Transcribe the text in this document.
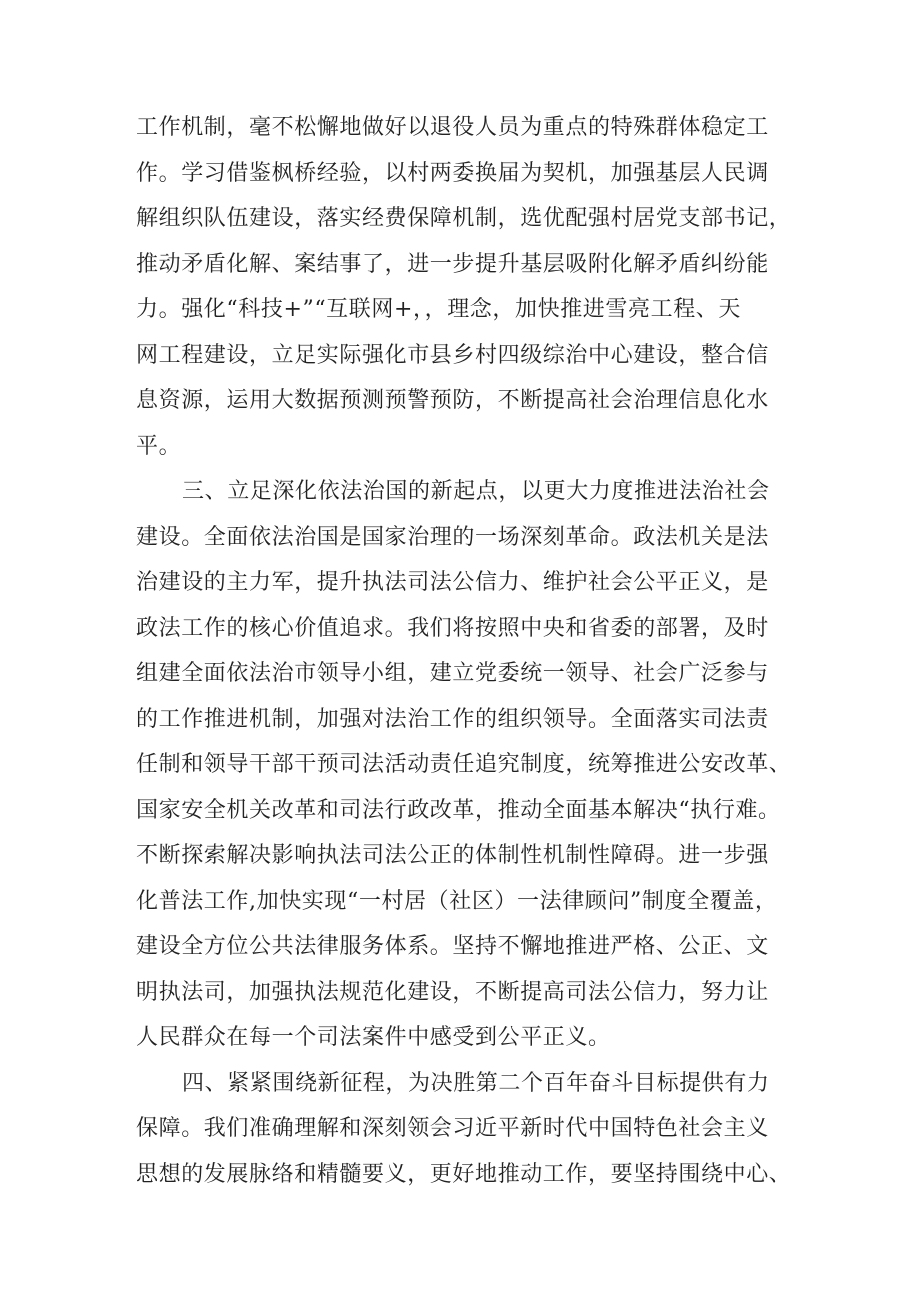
工作机制，毫不松懈地做好以退役人员为重点的特殊群体稳定工
作。学习借鉴枫桥经验，以村两委换届为契机，加强基层人民调
解组织队伍建设，落实经费保障机制，选优配强村居党支部书记，
推动矛盾化解、案结事了，进一步提升基层吸附化解矛盾纠纷能
力。强化“科技+”“互联网+，，理念，加快推进雪亮工程、天
网工程建设，立足实际强化市县乡村四级综治中心建设，整合信
息资源，运用大数据预测预警预防，不断提高社会治理信息化水
平。
三、立足深化依法治国的新起点，以更大力度推进法治社会
建设。全面依法治国是国家治理的一场深刻革命。政法机关是法
治建设的主力军，提升执法司法公信力、维护社会公平正义，是
政法工作的核心价值追求。我们将按照中央和省委的部署，及时
组建全面依法治市领导小组，建立党委统一领导、社会广泛参与
的工作推进机制，加强对法治工作的组织领导。全面落实司法责
任制和领导干部干预司法活动责任追究制度，统筹推进公安改革、
国家安全机关改革和司法行政改革，推动全面基本解决“执行难。
不断探索解决影响执法司法公正的体制性机制性障碍。进一步强
化普法工作,加快实现“一村居（社区）一法律顾问”制度全覆盖，
建设全方位公共法律服务体系。坚持不懈地推进严格、公正、文
明执法司，加强执法规范化建设，不断提高司法公信力，努力让
人民群众在每一个司法案件中感受到公平正义。
四、紧紧围绕新征程，为决胜第二个百年奋斗目标提供有力
保障。我们准确理解和深刻领会习近平新时代中国特色社会主义
思想的发展脉络和精髓要义，更好地推动工作，要坚持围绕中心、
